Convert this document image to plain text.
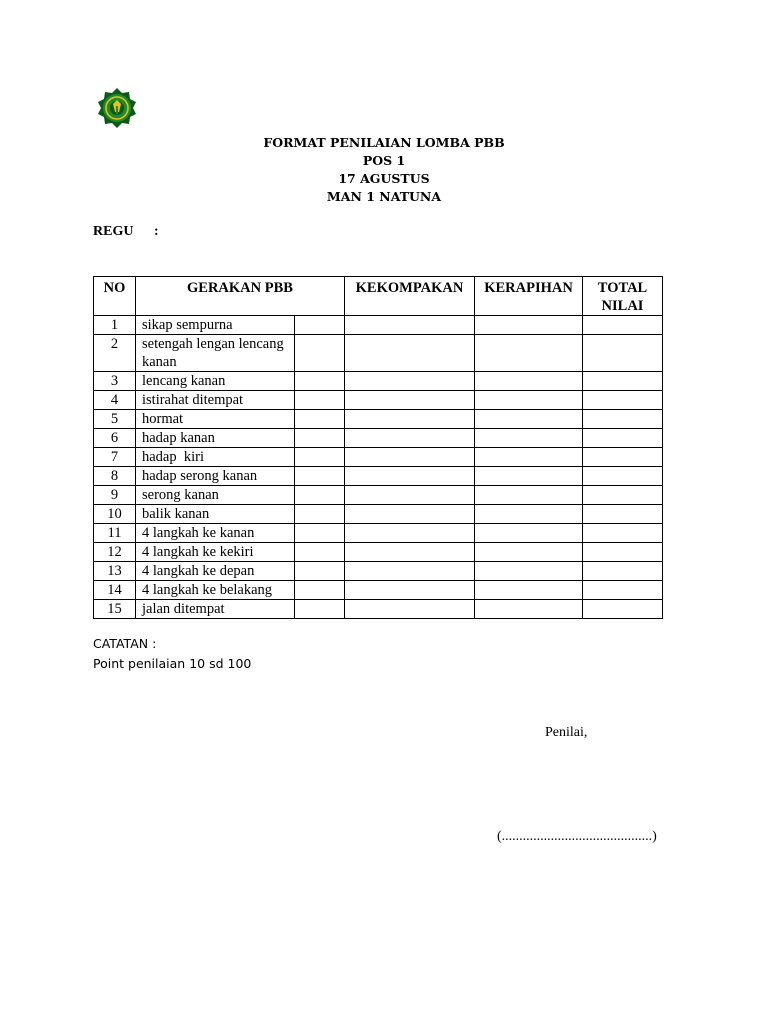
FORMAT PENILAIAN LOMBA PBB
POS 1
17 AGUSTUS
MAN 1 NATUNA
REGU :
NO	GERAKAN PBB		KEKOMPAKAN	KERAPIHAN	TOTAL NILAI
1	sikap sempurna				
2	setengah lengan lencang kanan				
3	lencang kanan				
4	istirahat ditempat				
5	hormat				
6	hadap kanan				
7	hadap  kiri				
8	hadap serong kanan				
9	serong kanan				
10	balik kanan				
11	4 langkah ke kanan				
12	4 langkah ke kekiri				
13	4 langkah ke depan				
14	4 langkah ke belakang				
15	jalan ditempat				
CATATAN :
Point penilaian 10 sd 100
Penilai,
(...........................................)
